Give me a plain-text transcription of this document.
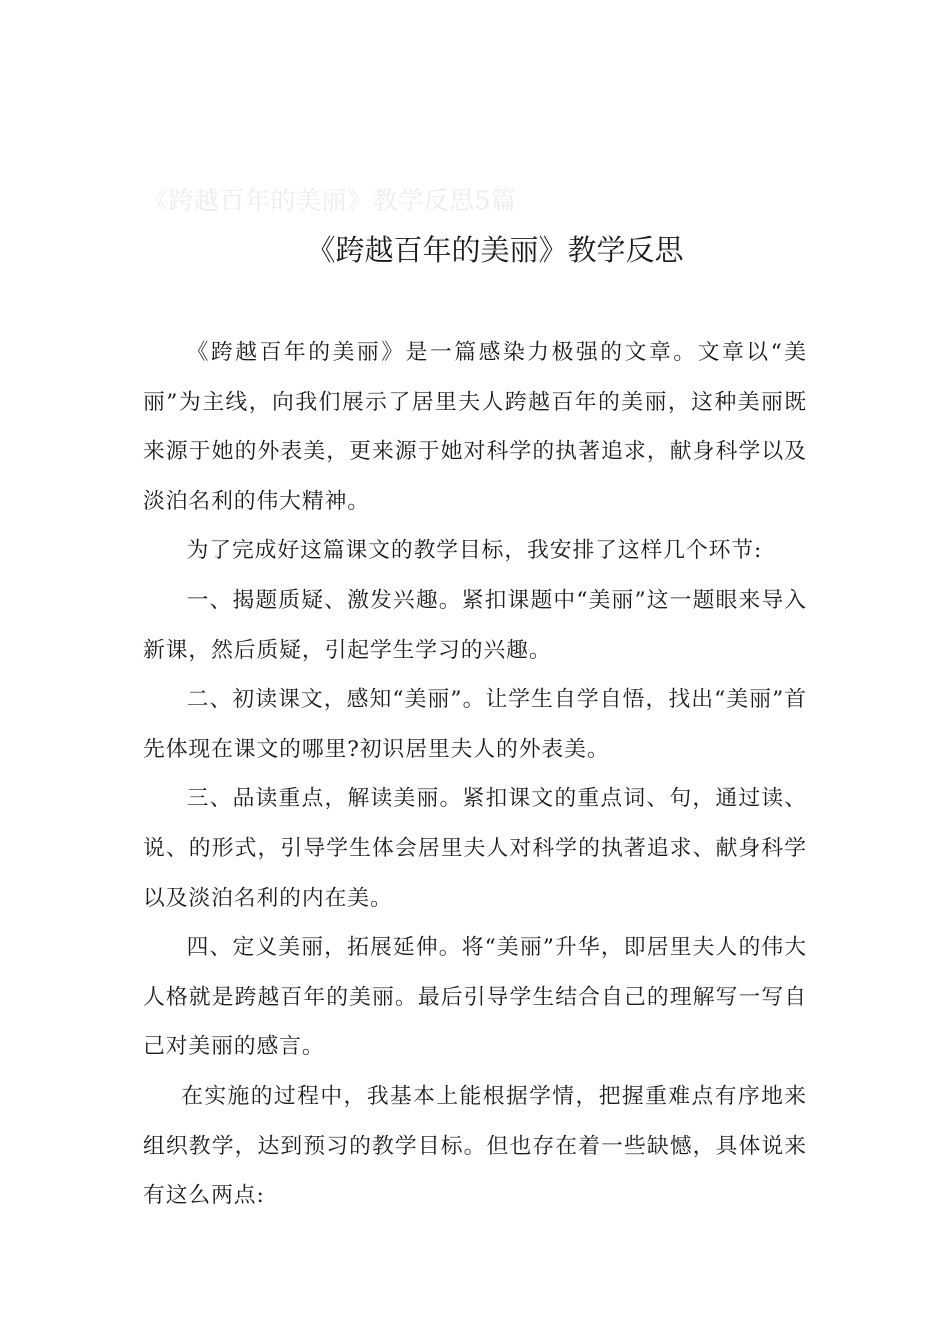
《跨越百年的美丽》教学反思5篇
《跨越百年的美丽》教学反思

《跨越百年的美丽》是一篇感染力极强的文章。文章以“美丽”为主线，向我们展示了居里夫人跨越百年的美丽，这种美丽既来源于她的外表美，更来源于她对科学的执著追求，献身科学以及淡泊名利的伟大精神。

为了完成好这篇课文的教学目标，我安排了这样几个环节:

一、揭题质疑、激发兴趣。紧扣课题中“美丽”这一题眼来导入新课，然后质疑，引起学生学习的兴趣。

二、初读课文，感知“美丽”。让学生自学自悟，找出“美丽”首先体现在课文的哪里?初识居里夫人的外表美。

三、品读重点，解读美丽。紧扣课文的重点词、句，通过读、说、的形式，引导学生体会居里夫人对科学的执著追求、献身科学以及淡泊名利的内在美。

四、定义美丽，拓展延伸。将“美丽”升华，即居里夫人的伟大人格就是跨越百年的美丽。最后引导学生结合自己的理解写一写自己对美丽的感言。

在实施的过程中，我基本上能根据学情，把握重难点有序地来组织教学，达到预习的教学目标。但也存在着一些缺憾，具体说来有这么两点:
